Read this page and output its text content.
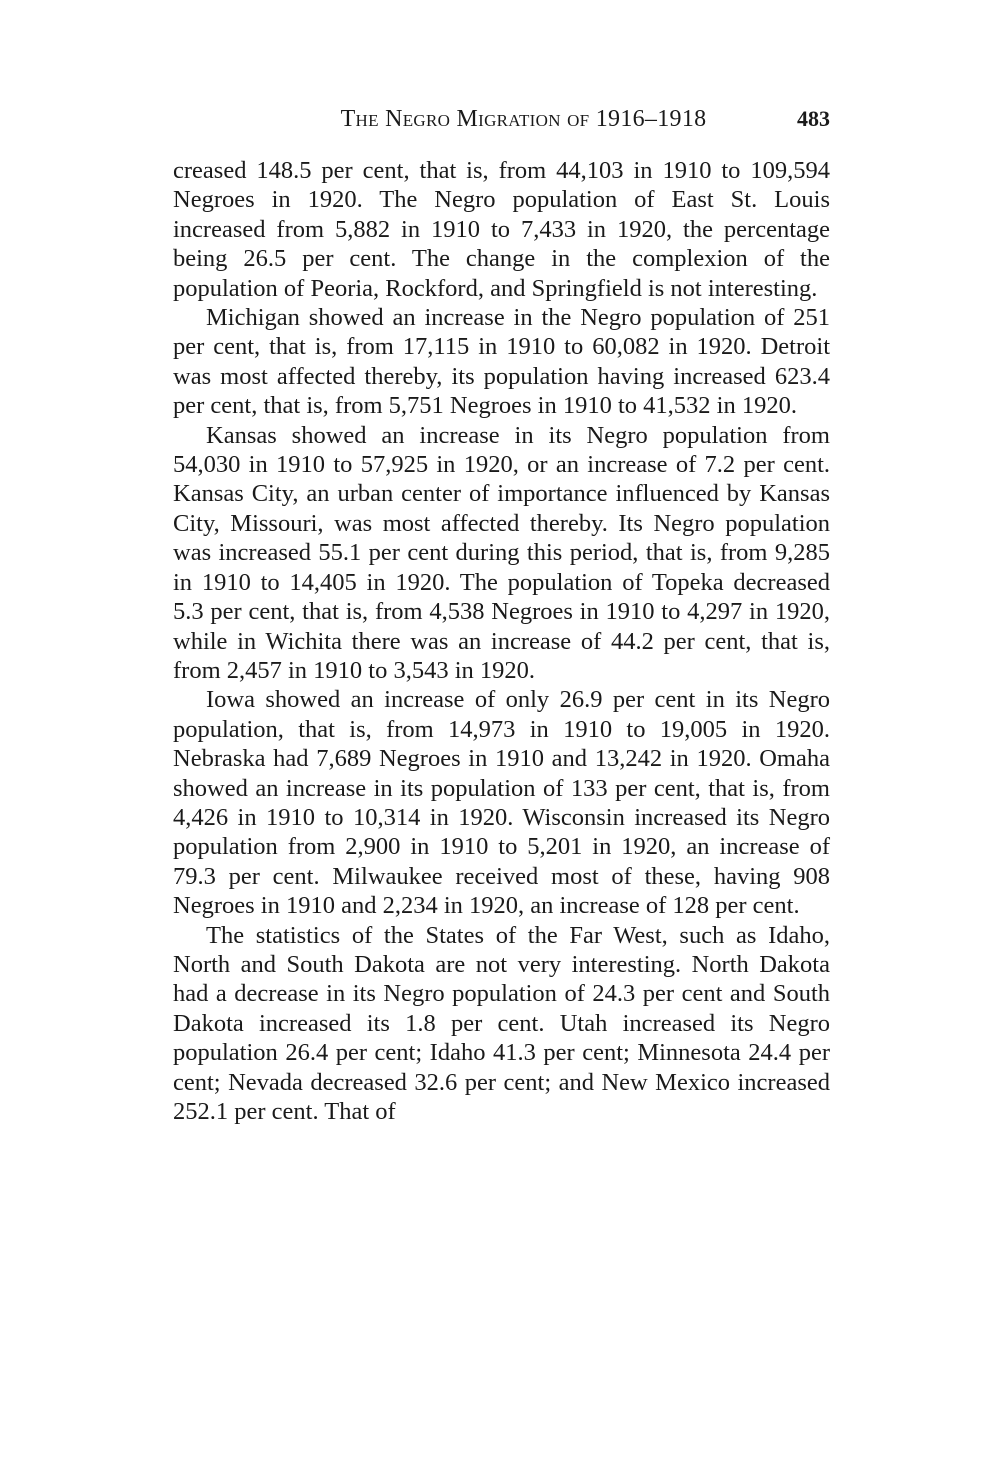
The Negro Migration of 1916–1918	483

creased 148.5 per cent, that is, from 44,103 in 1910 to 109,594 Negroes in 1920. The Negro population of East St. Louis increased from 5,882 in 1910 to 7,433 in 1920, the percentage being 26.5 per cent. The change in the complexion of the population of Peoria, Rockford, and Springfield is not interesting.

Michigan showed an increase in the Negro population of 251 per cent, that is, from 17,115 in 1910 to 60,082 in 1920. Detroit was most affected thereby, its population having increased 623.4 per cent, that is, from 5,751 Negroes in 1910 to 41,532 in 1920.

Kansas showed an increase in its Negro population from 54,030 in 1910 to 57,925 in 1920, or an increase of 7.2 per cent. Kansas City, an urban center of importance influenced by Kansas City, Missouri, was most affected thereby. Its Negro population was increased 55.1 per cent during this period, that is, from 9,285 in 1910 to 14,405 in 1920. The population of Topeka decreased 5.3 per cent, that is, from 4,538 Negroes in 1910 to 4,297 in 1920, while in Wichita there was an increase of 44.2 per cent, that is, from 2,457 in 1910 to 3,543 in 1920.

Iowa showed an increase of only 26.9 per cent in its Negro population, that is, from 14,973 in 1910 to 19,005 in 1920. Nebraska had 7,689 Negroes in 1910 and 13,242 in 1920. Omaha showed an increase in its population of 133 per cent, that is, from 4,426 in 1910 to 10,314 in 1920. Wisconsin increased its Negro population from 2,900 in 1910 to 5,201 in 1920, an increase of 79.3 per cent. Milwaukee received most of these, having 908 Negroes in 1910 and 2,234 in 1920, an increase of 128 per cent.

The statistics of the States of the Far West, such as Idaho, North and South Dakota are not very interesting. North Dakota had a decrease in its Negro population of 24.3 per cent and South Dakota increased its 1.8 per cent. Utah increased its Negro population 26.4 per cent; Idaho 41.3 per cent; Minnesota 24.4 per cent; Nevada decreased 32.6 per cent; and New Mexico increased 252.1 per cent. That of
